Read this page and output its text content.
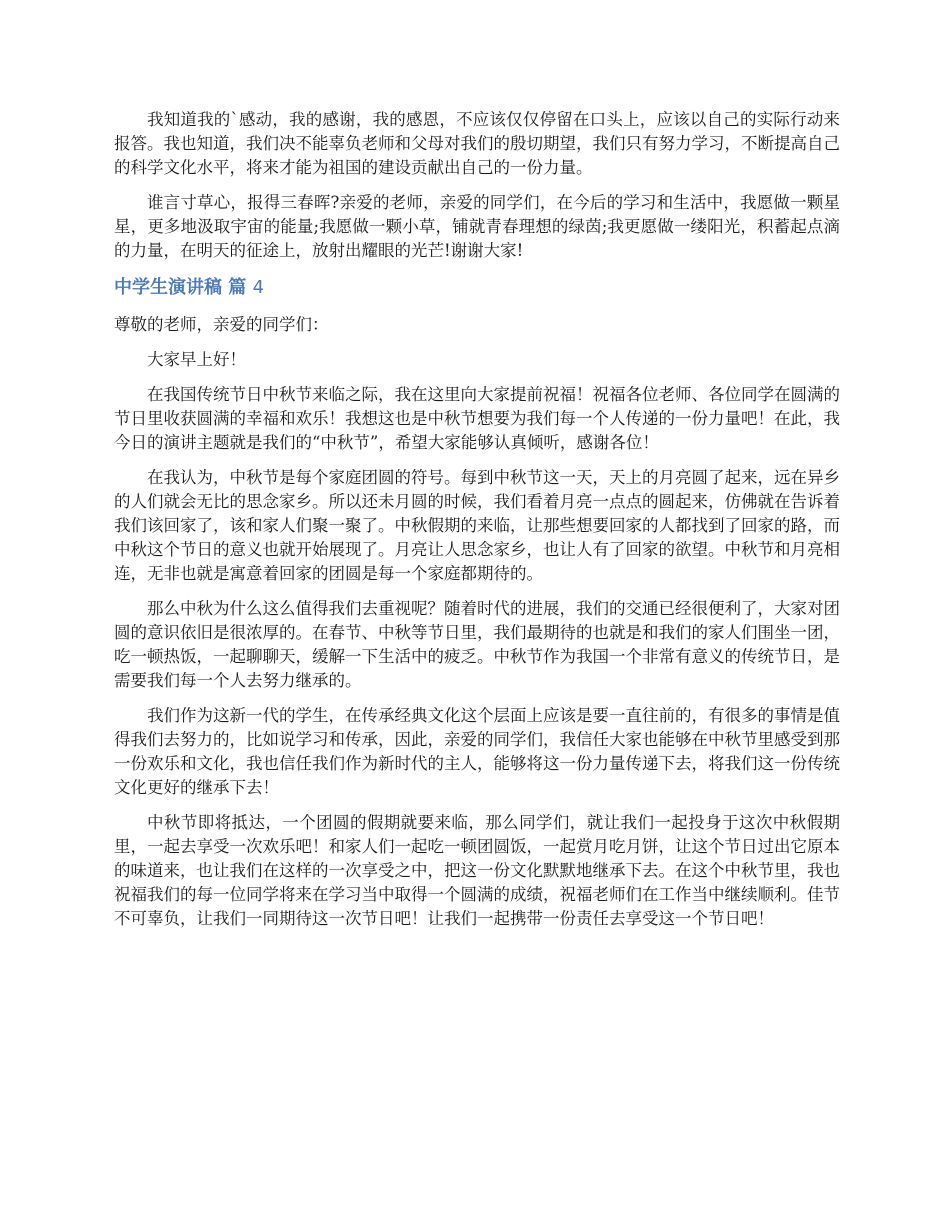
我知道我的`感动，我的感谢，我的感恩，不应该仅仅停留在口头上，应该以自己的实际行动来报答。我也知道，我们决不能辜负老师和父母对我们的殷切期望，我们只有努力学习，不断提高自己的科学文化水平，将来才能为祖国的建设贡献出自己的一份力量。

谁言寸草心，报得三春晖?亲爱的老师，亲爱的同学们，在今后的学习和生活中，我愿做一颗星星，更多地汲取宇宙的能量;我愿做一颗小草，铺就青春理想的绿茵;我更愿做一缕阳光，积蓄起点滴的力量，在明天的征途上，放射出耀眼的光芒!谢谢大家!

中学生演讲稿 篇 4

尊敬的老师，亲爱的同学们：

大家早上好！

在我国传统节日中秋节来临之际，我在这里向大家提前祝福！祝福各位老师、各位同学在圆满的节日里收获圆满的幸福和欢乐！我想这也是中秋节想要为我们每一个人传递的一份力量吧！在此，我今日的演讲主题就是我们的“中秋节”，希望大家能够认真倾听，感谢各位！

在我认为，中秋节是每个家庭团圆的符号。每到中秋节这一天，天上的月亮圆了起来，远在异乡的人们就会无比的思念家乡。所以还未月圆的时候，我们看着月亮一点点的圆起来，仿佛就在告诉着我们该回家了，该和家人们聚一聚了。中秋假期的来临，让那些想要回家的人都找到了回家的路，而中秋这个节日的意义也就开始展现了。月亮让人思念家乡，也让人有了回家的欲望。中秋节和月亮相连，无非也就是寓意着回家的团圆是每一个家庭都期待的。

那么中秋为什么这么值得我们去重视呢？随着时代的进展，我们的交通已经很便利了，大家对团圆的意识依旧是很浓厚的。在春节、中秋等节日里，我们最期待的也就是和我们的家人们围坐一团，吃一顿热饭，一起聊聊天，缓解一下生活中的疲乏。中秋节作为我国一个非常有意义的传统节日，是需要我们每一个人去努力继承的。

我们作为这新一代的学生，在传承经典文化这个层面上应该是要一直往前的，有很多的事情是值得我们去努力的，比如说学习和传承，因此，亲爱的同学们，我信任大家也能够在中秋节里感受到那一份欢乐和文化，我也信任我们作为新时代的主人，能够将这一份力量传递下去，将我们这一份传统文化更好的继承下去！

中秋节即将抵达，一个团圆的假期就要来临，那么同学们，就让我们一起投身于这次中秋假期里，一起去享受一次欢乐吧！和家人们一起吃一顿团圆饭，一起赏月吃月饼，让这个节日过出它原本的味道来，也让我们在这样的一次享受之中，把这一份文化默默地继承下去。在这个中秋节里，我也祝福我们的每一位同学将来在学习当中取得一个圆满的成绩，祝福老师们在工作当中继续顺利。佳节不可辜负，让我们一同期待这一次节日吧！让我们一起携带一份责任去享受这一个节日吧！
